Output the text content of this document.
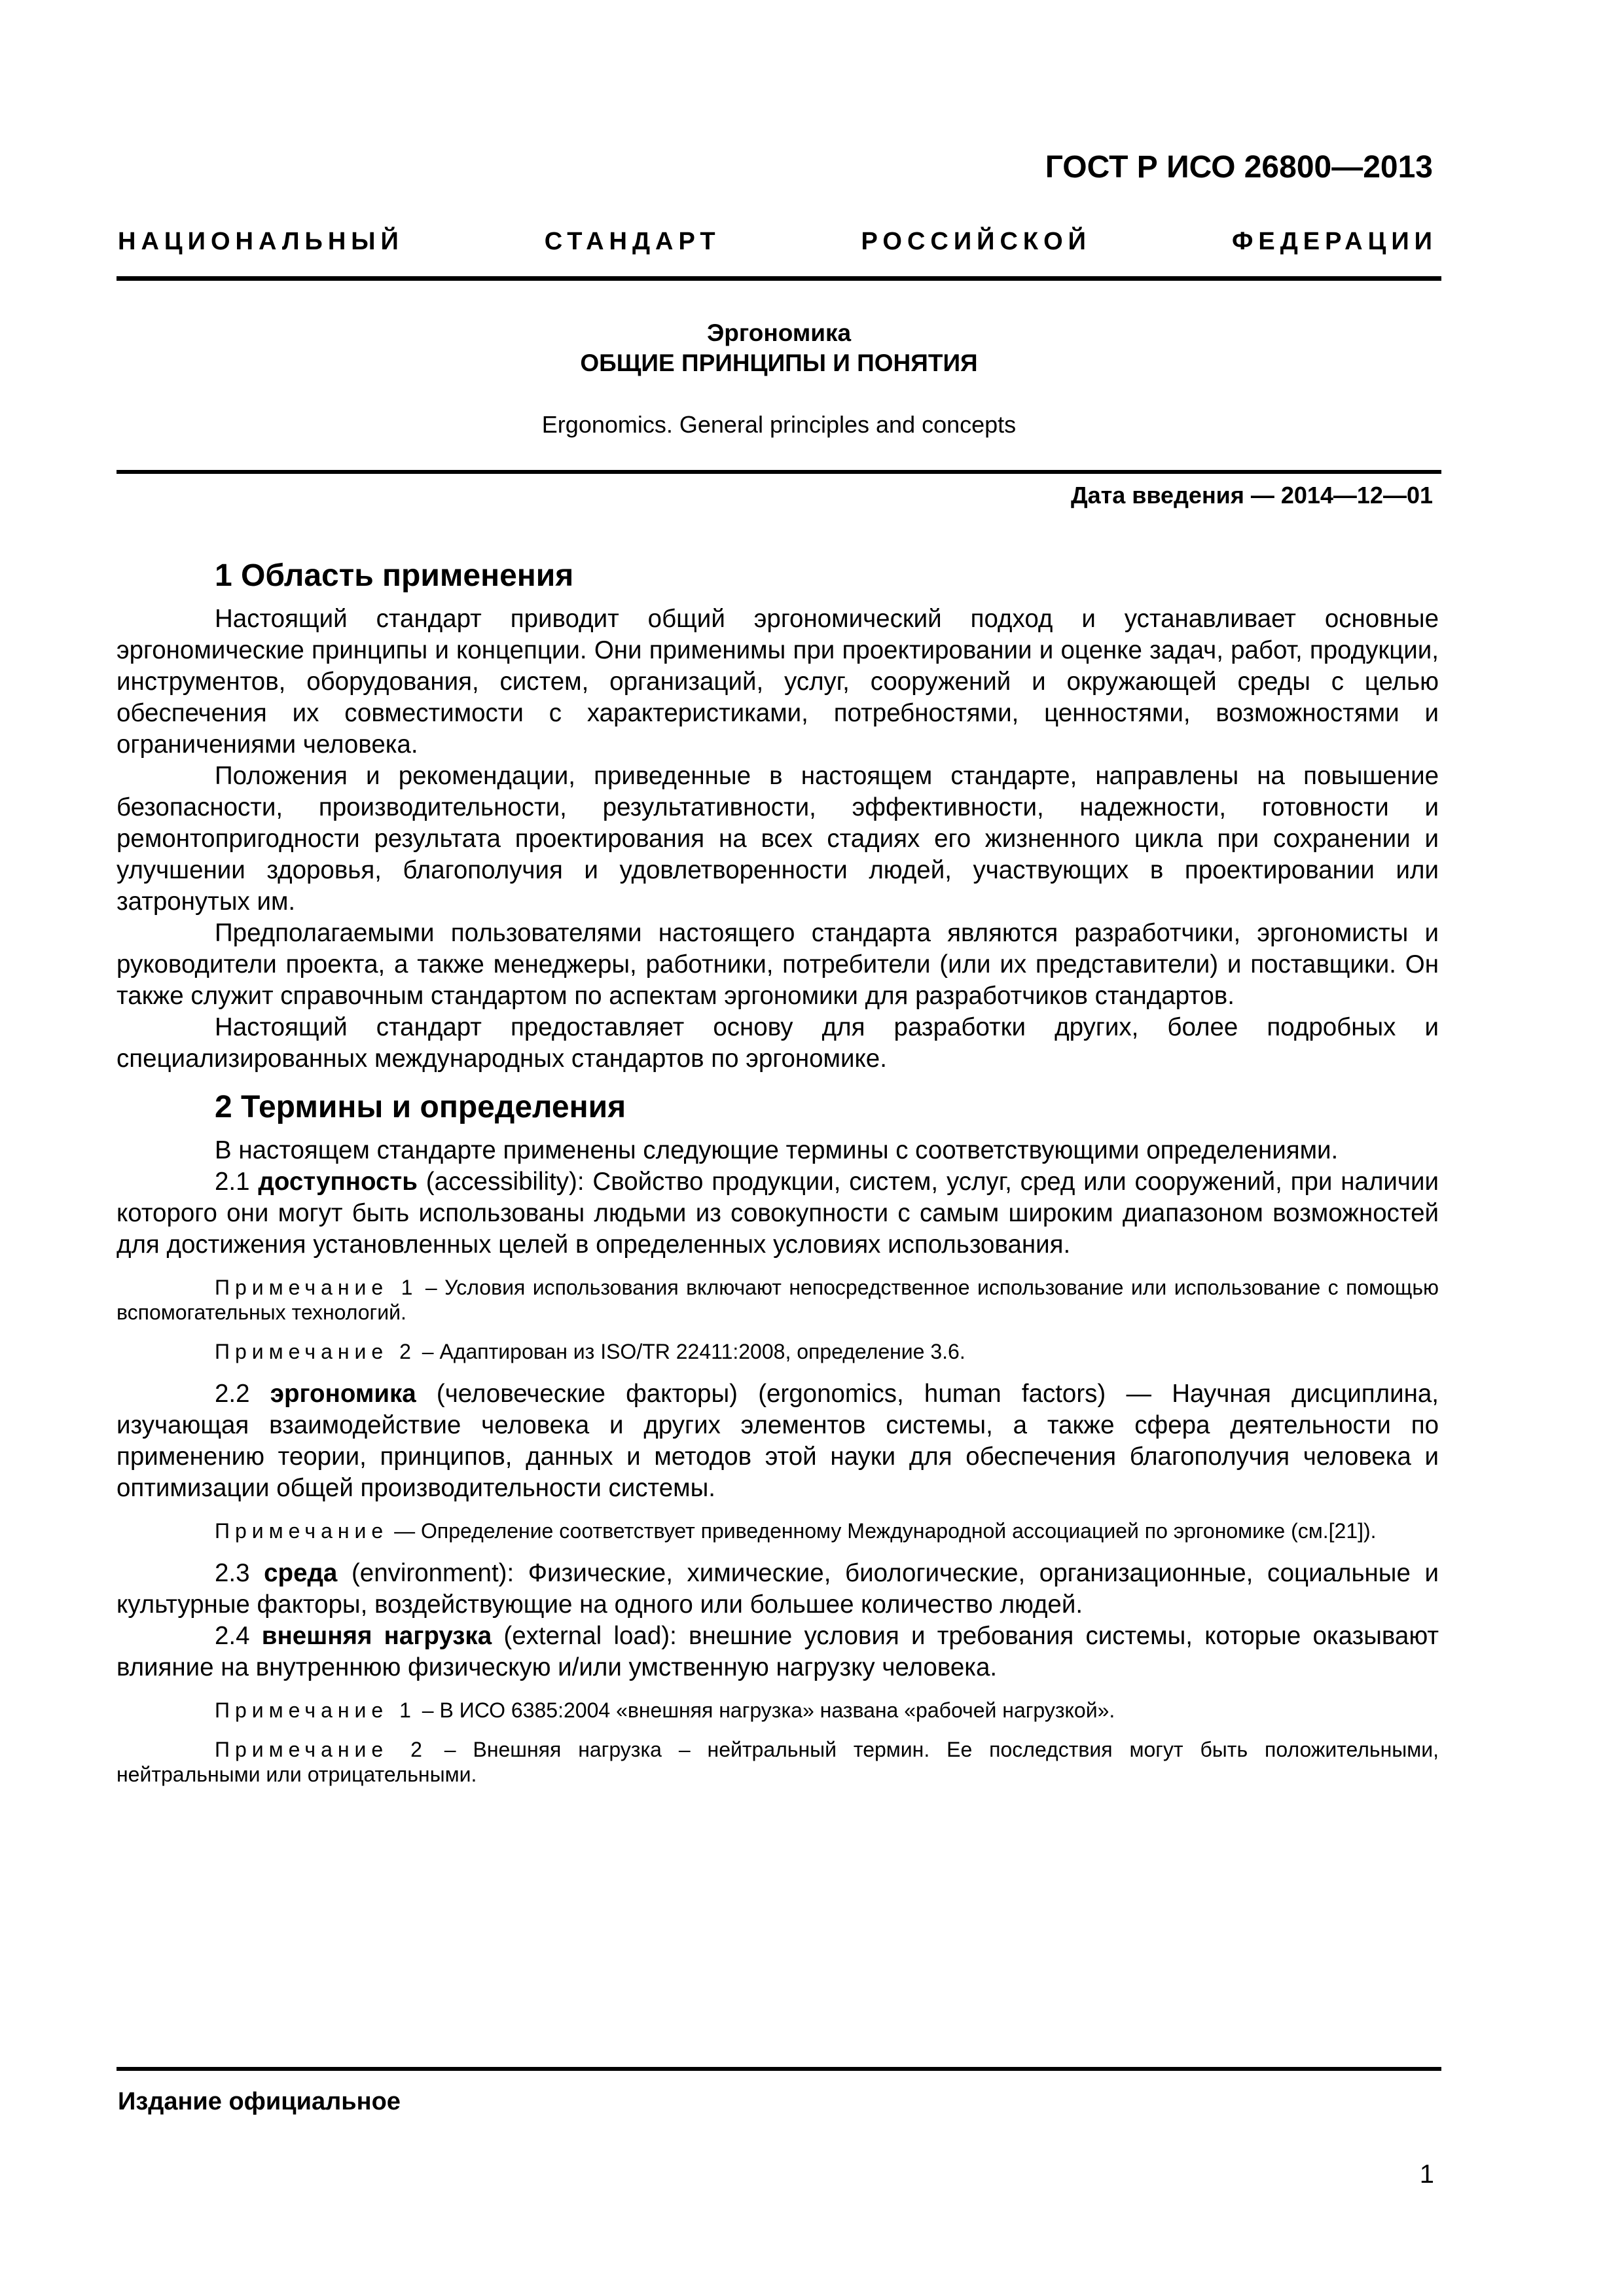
ГОСТ Р ИСО 26800—2013
НАЦИОНАЛЬНЫЙ	СТАНДАРТ	РОССИЙСКОЙ	ФЕДЕРАЦИИ
Эргономика
ОБЩИЕ ПРИНЦИПЫ И ПОНЯТИЯ
Ergonomics. General principles and concepts
Дата введения — 2014—12—01
1 Область применения

Настоящий стандарт приводит общий эргономический подход и устанавливает основные эргономические принципы и концепции. Они применимы при проектировании и оценке задач, работ, продукции, инструментов, оборудования, систем, организаций, услуг, сооружений и окружающей среды с целью обеспечения их совместимости с характеристиками, потребностями, ценностями, возможностями и ограничениями человека.

Положения и рекомендации, приведенные в настоящем стандарте, направлены на повышение безопасности, производительности, результативности, эффективности, надежности, готовности и ремонтопригодности результата проектирования на всех стадиях его жизненного цикла при сохранении и улучшении здоровья, благополучия и удовлетворенности людей, участвующих в проектировании или затронутых им.

Предполагаемыми пользователями настоящего стандарта являются разработчики, эргономисты и руководители проекта, а также менеджеры, работники, потребители (или их представители) и поставщики. Он также служит справочным стандартом по аспектам эргономики для разработчиков стандартов.

Настоящий стандарт предоставляет основу для разработки других, более подробных и специализированных международных стандартов по эргономике.

2 Термины и определения

В настоящем стандарте применены следующие термины с соответствующими определениями.

2.1 доступность (accessibility): Свойство продукции, систем, услуг, сред или сооружений, при наличии которого они могут быть использованы людьми из совокупности с самым широким диапазоном возможностей для достижения установленных целей в определенных условиях использования.

Примечание 1 – Условия использования включают непосредственное использование или использование с помощью вспомогательных технологий.

Примечание 2 – Адаптирован из ISO/TR 22411:2008, определение 3.6.

2.2 эргономика (человеческие факторы) (ergonomics, human factors) — Научная дисциплина, изучающая взаимодействие человека и других элементов системы, а также сфера деятельности по применению теории, принципов, данных и методов этой науки для обеспечения благополучия человека и оптимизации общей производительности системы.

Примечание — Определение соответствует приведенному Международной ассоциацией по эргономике (см.[21]).

2.3 среда (environment): Физические, химические, биологические, организационные, социальные и культурные факторы, воздействующие на одного или большее количество людей.

2.4 внешняя нагрузка (external load): внешние условия и требования системы, которые оказывают влияние на внутреннюю физическую и/или умственную нагрузку человека.

Примечание 1 – В ИСО 6385:2004 «внешняя нагрузка» названа «рабочей нагрузкой».

Примечание 2 – Внешняя нагрузка – нейтральный термин. Ее последствия могут быть положительными, нейтральными или отрицательными.

Издание официальное
1
